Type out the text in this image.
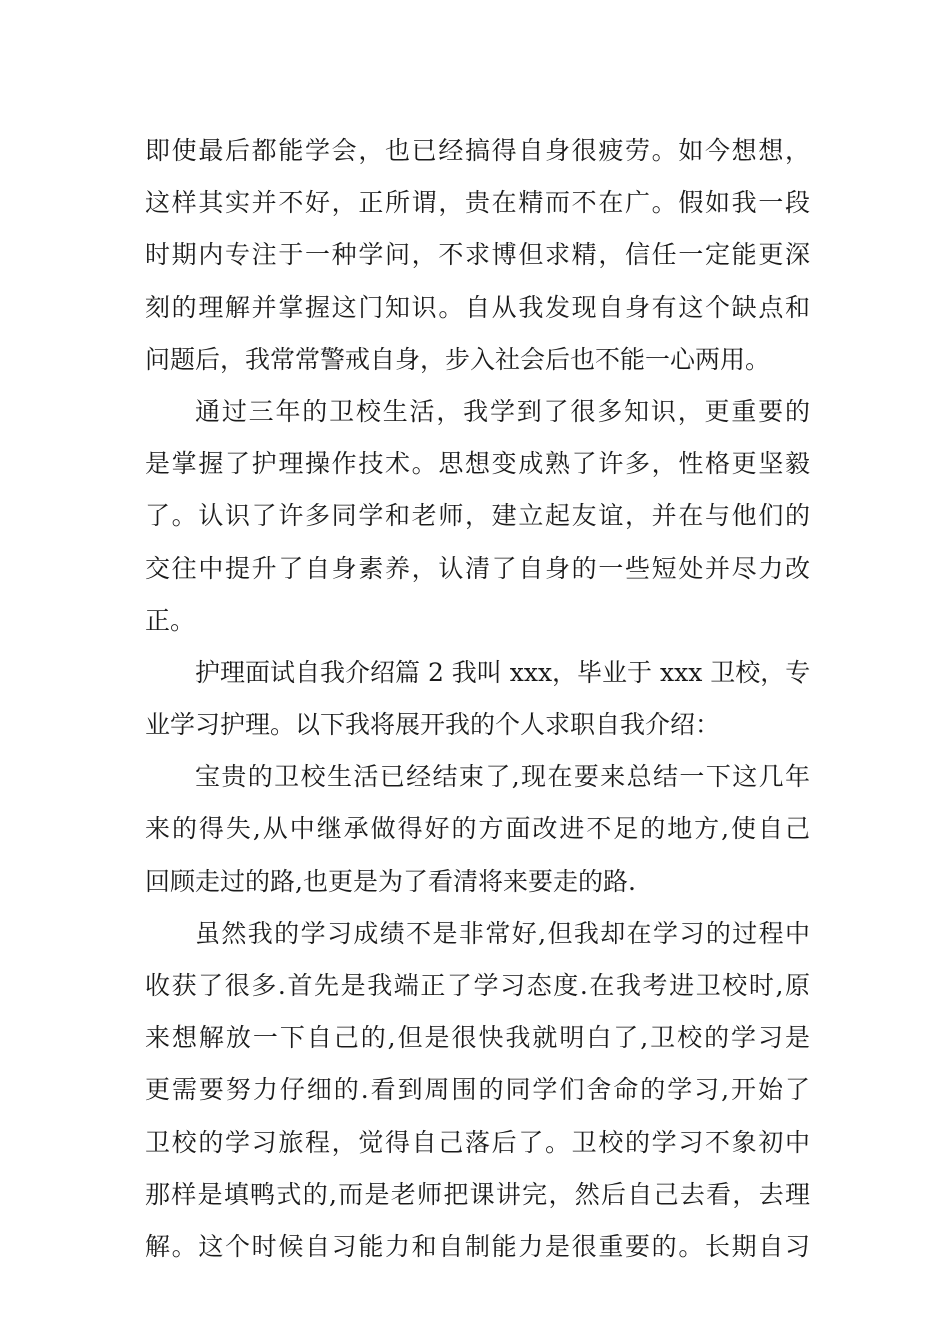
即使最后都能学会，也已经搞得自身很疲劳。如今想想，
这样其实并不好，正所谓，贵在精而不在广。假如我一段
时期内专注于一种学问，不求博但求精，信任一定能更深
刻的理解并掌握这门知识。自从我发现自身有这个缺点和
问题后，我常常警戒自身，步入社会后也不能一心两用。
通过三年的卫校生活，我学到了很多知识，更重要的
是掌握了护理操作技术。思想变成熟了许多，性格更坚毅
了。认识了许多同学和老师，建立起友谊，并在与他们的
交往中提升了自身素养，认清了自身的一些短处并尽力改
正。
护理面试自我介绍篇 2 我叫 xxx，毕业于 xxx 卫校，专
业学习护理。以下我将展开我的个人求职自我介绍：
宝贵的卫校生活已经结束了,现在要来总结一下这几年
来的得失,从中继承做得好的方面改进不足的地方,使自己
回顾走过的路,也更是为了看清将来要走的路.
虽然我的学习成绩不是非常好,但我却在学习的过程中
收获了很多.首先是我端正了学习态度.在我考进卫校时,原
来想解放一下自己的,但是很快我就明白了,卫校的学习是
更需要努力仔细的.看到周围的同学们舍命的学习,开始了
卫校的学习旅程，觉得自己落后了。卫校的学习不象初中
那样是填鸭式的,而是老师把课讲完，然后自己去看，去理
解。这个时候自习能力和自制能力是很重要的。长期自习
